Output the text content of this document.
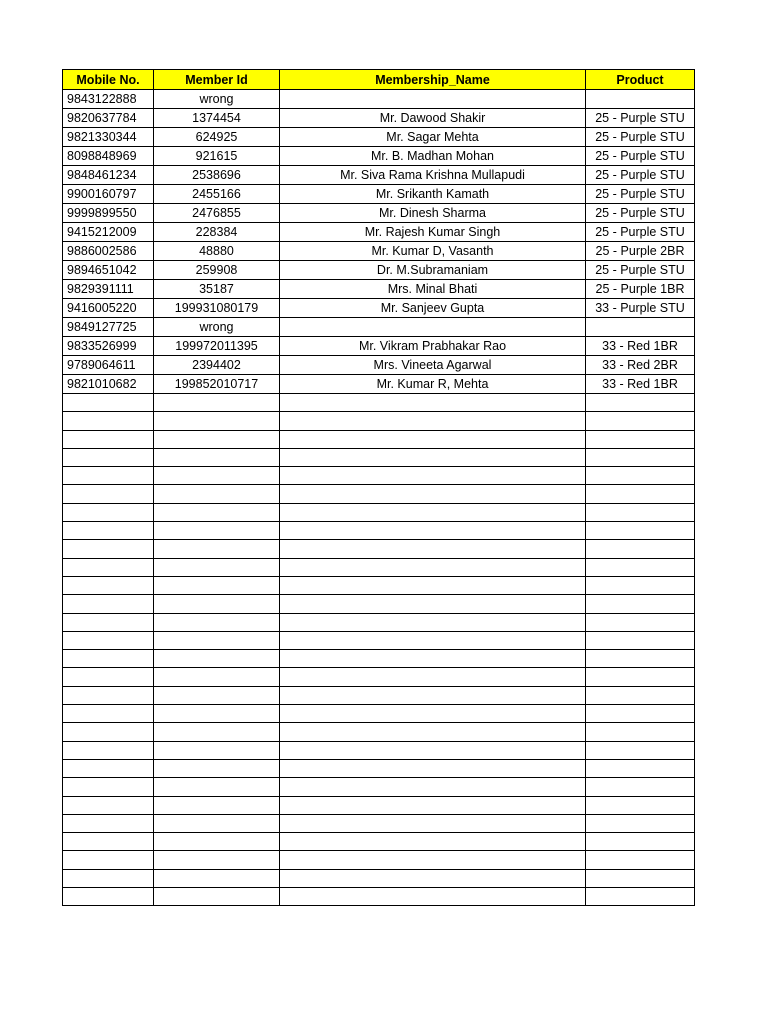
Mobile No.	Member Id	Membership_Name	Product
9843122888	wrong		
9820637784	1374454	Mr. Dawood Shakir	25 - Purple STU
9821330344	624925	Mr. Sagar Mehta	25 - Purple STU
8098848969	921615	Mr. B. Madhan Mohan	25 - Purple STU
9848461234	2538696	Mr. Siva Rama Krishna Mullapudi	25 - Purple STU
9900160797	2455166	Mr. Srikanth Kamath	25 - Purple STU
9999899550	2476855	Mr. Dinesh Sharma	25 - Purple STU
9415212009	228384	Mr. Rajesh Kumar Singh	25 - Purple STU
9886002586	48880	Mr. Kumar D, Vasanth	25 - Purple 2BR
9894651042	259908	Dr. M.Subramaniam	25 - Purple STU
9829391111	35187	Mrs. Minal Bhati	25 - Purple 1BR
9416005220	199931080179	Mr. Sanjeev Gupta	33 - Purple STU
9849127725	wrong		
9833526999	199972011395	Mr. Vikram Prabhakar Rao	33 - Red 1BR
9789064611	2394402	Mrs. Vineeta Agarwal	33 - Red 2BR
9821010682	199852010717	Mr. Kumar R, Mehta	33 - Red 1BR
